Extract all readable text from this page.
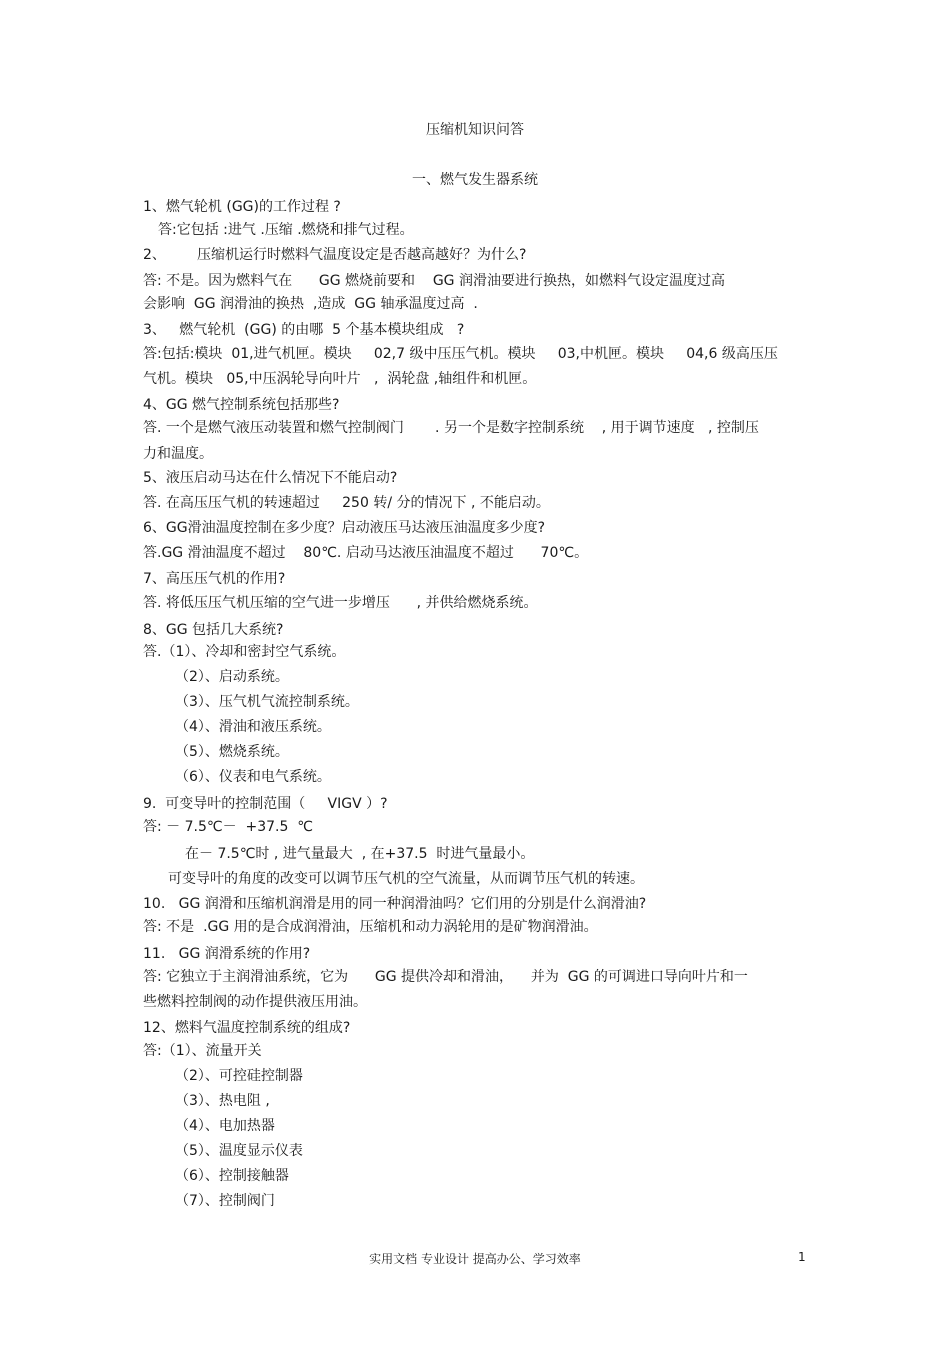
压缩机知识问答
一、燃气发生器系统
1、燃气轮机 (GG)的工作过程 ?
答:它包括 :进气 .压缩 .燃烧和排气过程。
2、       压缩机运行时燃料气温度设定是否越高越好？为什么?
答: 不是。因为燃料气在      GG 燃烧前要和    GG 润滑油要进行换热，如燃料气设定温度过高
会影响  GG 润滑油的换热  ,造成  GG 轴承温度过高  .
3、   燃气轮机  (GG) 的由哪  5 个基本模块组成   ?
答:包括:模块  01,进气机匣。模块     02,7 级中压压气机。模块     03,中机匣。模块     04,6 级高压压
气机。模块   05,中压涡轮导向叶片   ,  涡轮盘 ,轴组件和机匣。
4、GG 燃气控制系统包括那些?
答. 一个是燃气液压动装置和燃气控制阀门       . 另一个是数字控制系统    , 用于调节速度   , 控制压
力和温度。
5、液压启动马达在什么情况下不能启动?
答. 在高压压气机的转速超过     250 转/ 分的情况下 , 不能启动。
6、GG滑油温度控制在多少度？启动液压马达液压油温度多少度?
答.GG 滑油温度不超过    80℃. 启动马达液压油温度不超过      70℃。
7、高压压气机的作用?
答. 将低压压气机压缩的空气进一步增压      , 并供给燃烧系统。
8、GG 包括几大系统?
答.（1）、冷却和密封空气系统。
（2）、启动系统。
（3）、压气机气流控制系统。
（4）、滑油和液压系统。
（5）、燃烧系统。
（6）、仪表和电气系统。
9.  可变导叶的控制范围（     VIGV ）?
答: － 7.5℃－  +37.5  ℃
在－ 7.5℃时 , 进气量最大  , 在+37.5  时进气量最小。
可变导叶的角度的改变可以调节压气机的空气流量，从而调节压气机的转速。
10.   GG 润滑和压缩机润滑是用的同一种润滑油吗？它们用的分别是什么润滑油?
答: 不是  .GG 用的是合成润滑油，压缩机和动力涡轮用的是矿物润滑油。
11.   GG 润滑系统的作用?
答: 它独立于主润滑油系统，它为      GG 提供冷却和滑油，    并为  GG 的可调进口导向叶片和一
些燃料控制阀的动作提供液压用油。
12、燃料气温度控制系统的组成?
答:（1）、流量开关
（2）、可控硅控制器
（3）、热电阻 ,
（4）、电加热器
（5）、温度显示仪表
（6）、控制接触器
（7）、控制阀门
实用文档 专业设计 提高办公、学习效率	1
